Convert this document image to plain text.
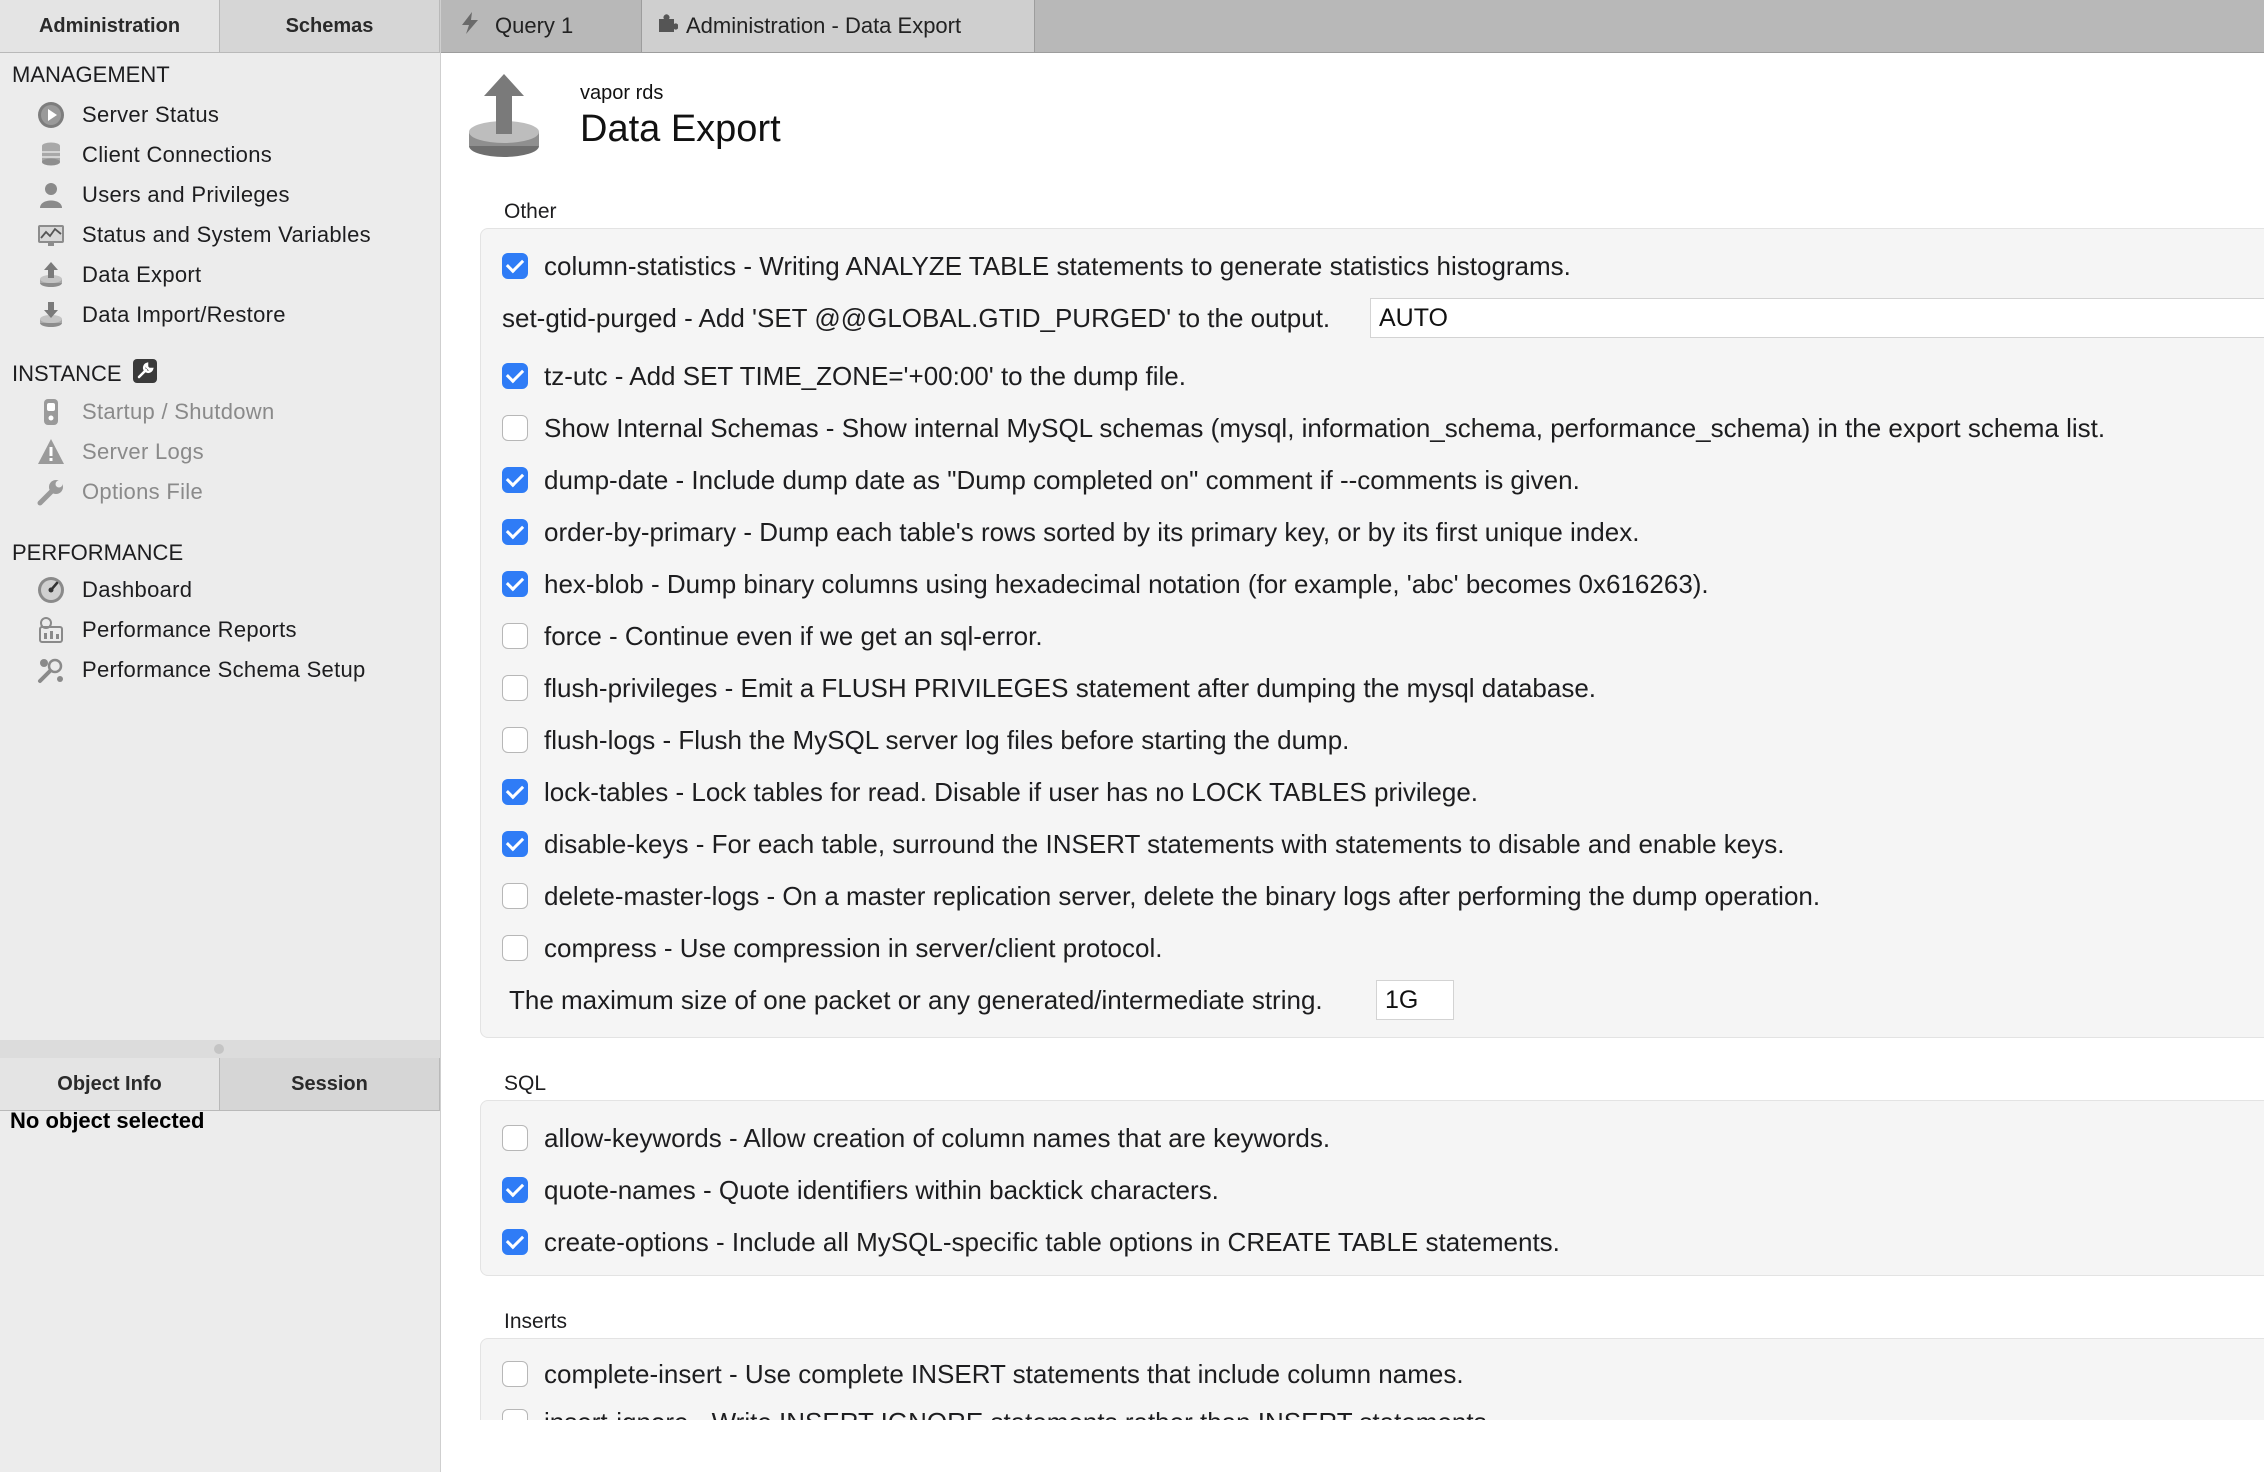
Administration	Schemas
MANAGEMENT
Server Status
Client Connections
Users and Privileges
Status and System Variables
Data Export
Data Import/Restore
INSTANCE
Startup / Shutdown
Server Logs
Options File
PERFORMANCE
Dashboard
Performance Reports
Performance Schema Setup
Object Info	Session
No object selected
Query 1	Administration - Data Export
vapor rds
Data Export
Other
column-statistics - Writing ANALYZE TABLE statements to generate statistics histograms.
set-gtid-purged - Add 'SET @@GLOBAL.GTID_PURGED' to the output.	AUTO
tz-utc - Add SET TIME_ZONE='+00:00' to the dump file.
Show Internal Schemas - Show internal MySQL schemas (mysql, information_schema, performance_schema) in the export schema list.
dump-date - Include dump date as "Dump completed on" comment if --comments is given.
order-by-primary - Dump each table's rows sorted by its primary key, or by its first unique index.
hex-blob - Dump binary columns using hexadecimal notation (for example, 'abc' becomes 0x616263).
force - Continue even if we get an sql-error.
flush-privileges - Emit a FLUSH PRIVILEGES statement after dumping the mysql database.
flush-logs - Flush the MySQL server log files before starting the dump.
lock-tables - Lock tables for read. Disable if user has no LOCK TABLES privilege.
disable-keys - For each table, surround the INSERT statements with statements to disable and enable keys.
delete-master-logs - On a master replication server, delete the binary logs after performing the dump operation.
compress - Use compression in server/client protocol.
The maximum size of one packet or any generated/intermediate string.	1G
SQL
allow-keywords - Allow creation of column names that are keywords.
quote-names - Quote identifiers within backtick characters.
create-options - Include all MySQL-specific table options in CREATE TABLE statements.
Inserts
complete-insert - Use complete INSERT statements that include column names.
